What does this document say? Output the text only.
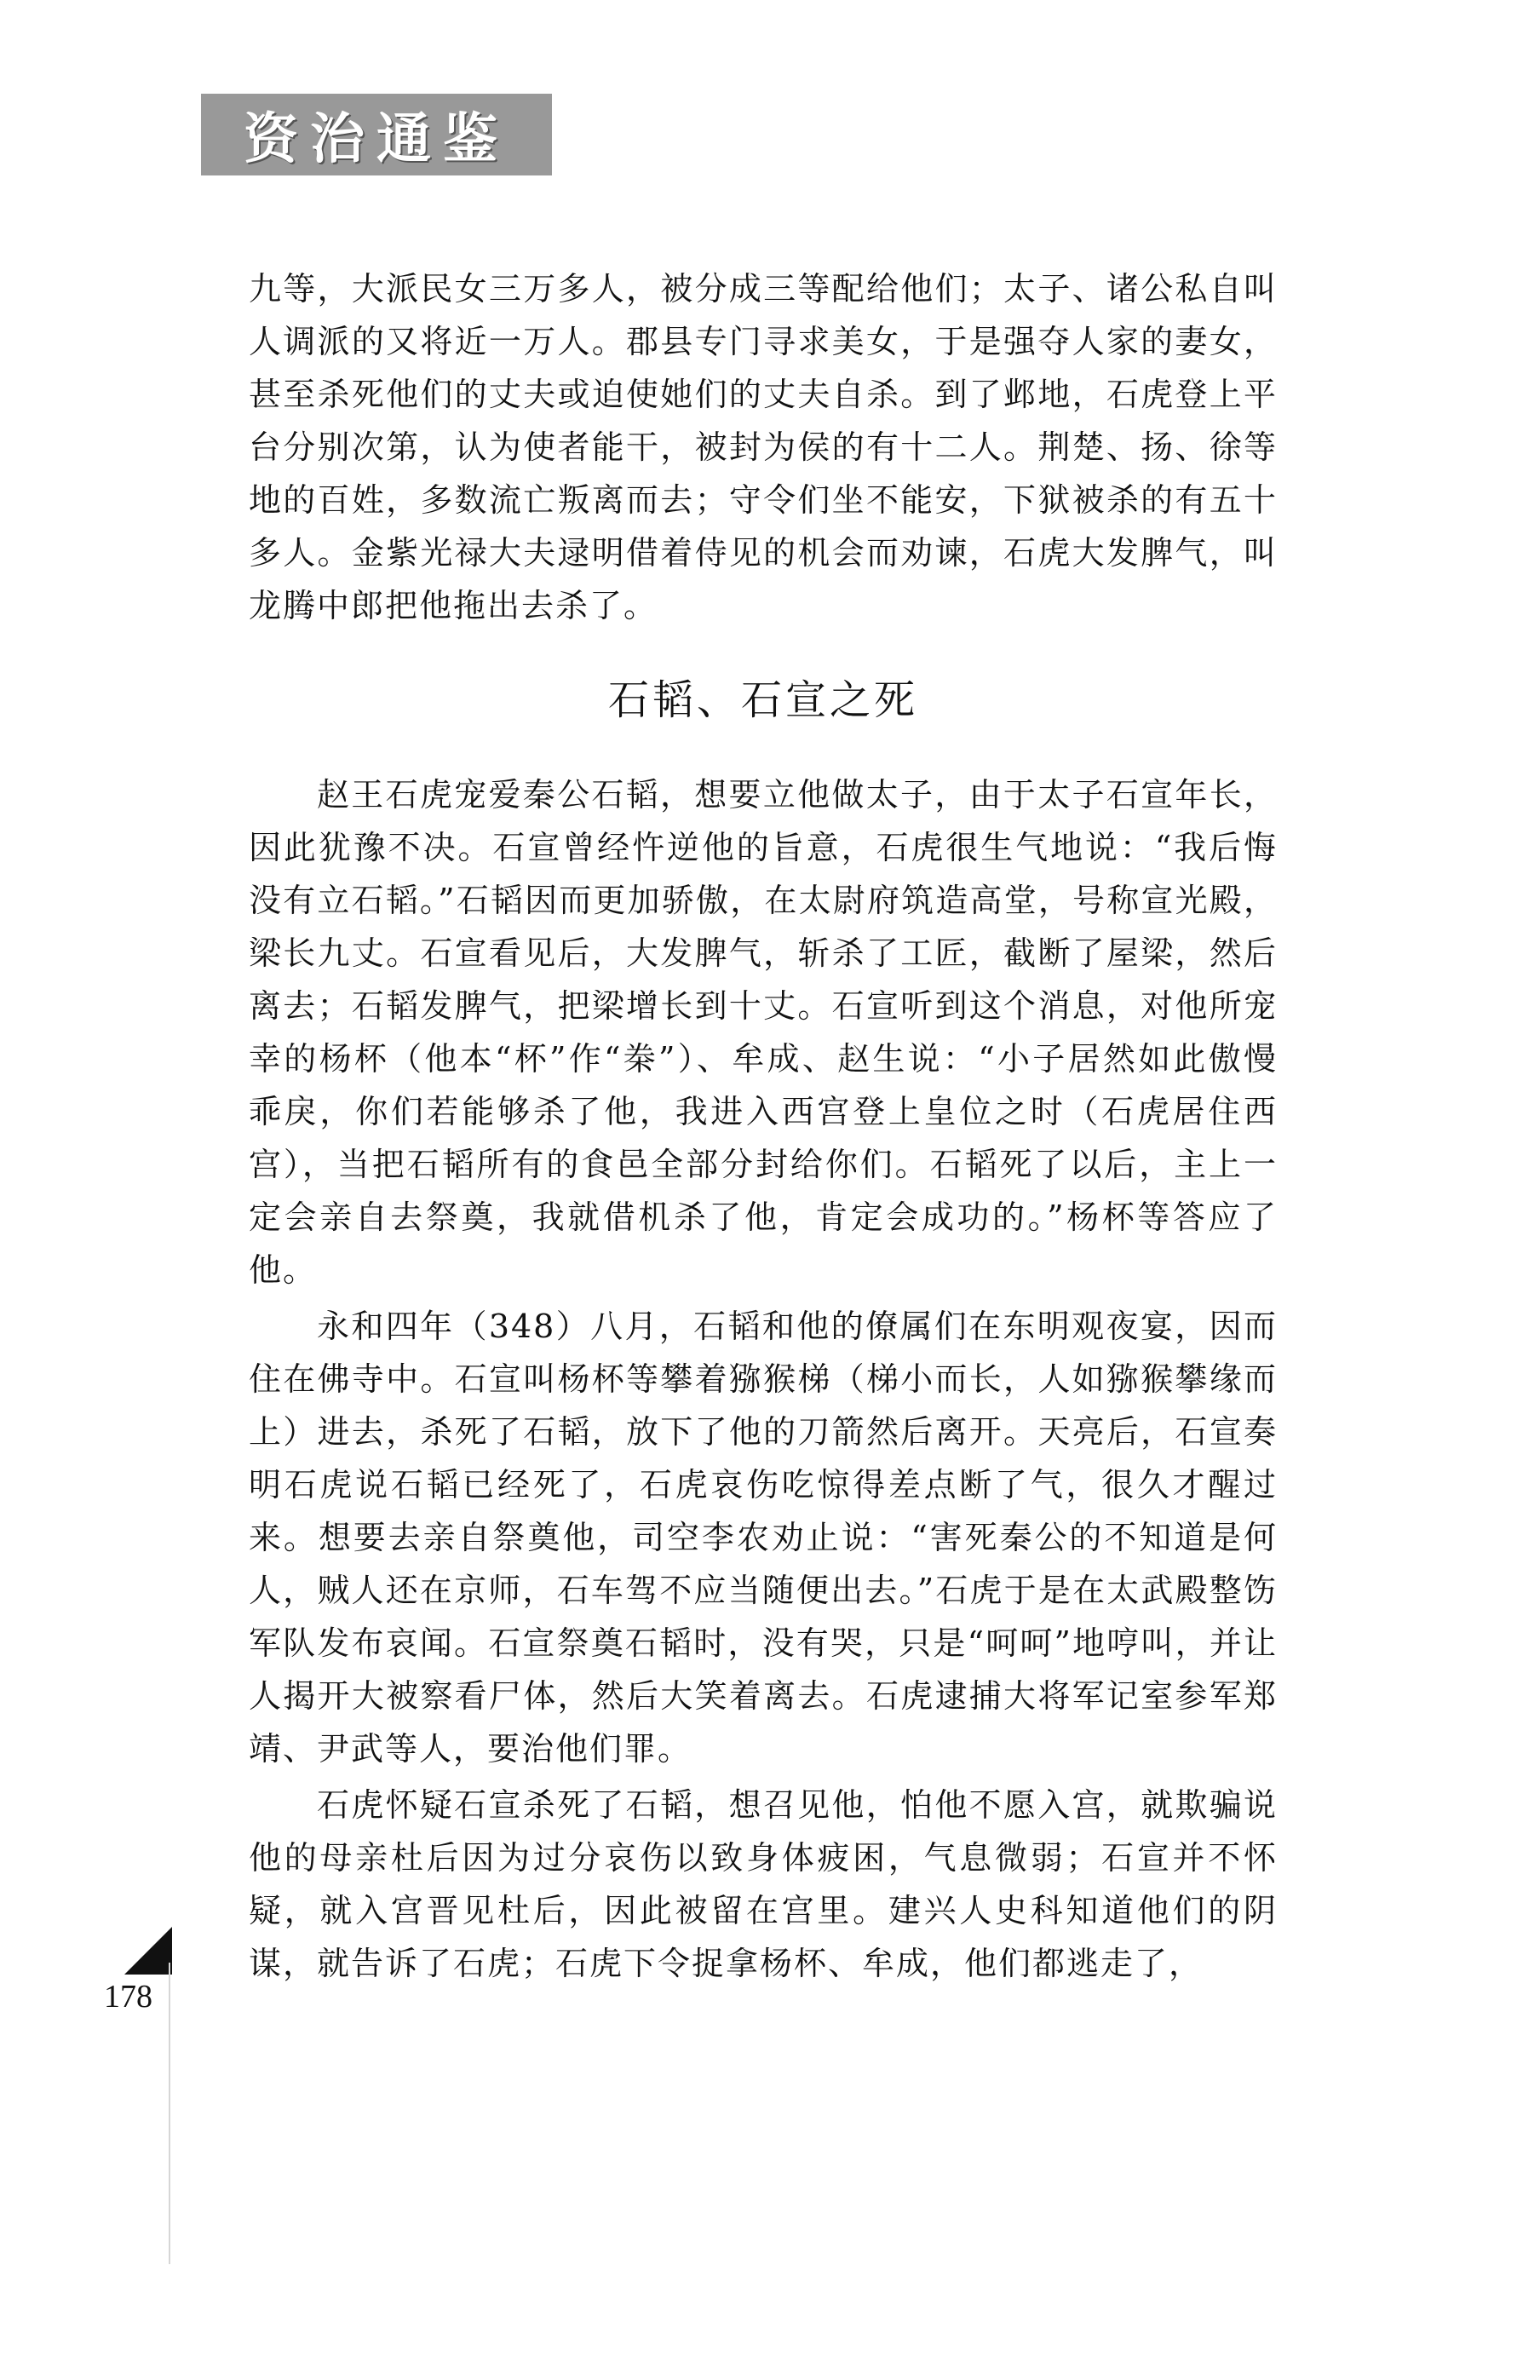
资治通鉴

九等，大派民女三万多人，被分成三等配给他们；太子、诸公私自叫人调派的又将近一万人。郡县专门寻求美女，于是强夺人家的妻女，甚至杀死他们的丈夫或迫使她们的丈夫自杀。到了邺地，石虎登上平台分别次第，认为使者能干，被封为侯的有十二人。荆楚、扬、徐等地的百姓，多数流亡叛离而去；守令们坐不能安，下狱被杀的有五十多人。金紫光禄大夫逯明借着侍见的机会而劝谏，石虎大发脾气，叫龙腾中郎把他拖出去杀了。

石韬、石宣之死

赵王石虎宠爱秦公石韬，想要立他做太子，由于太子石宣年长，因此犹豫不决。石宣曾经忤逆他的旨意，石虎很生气地说：“我后悔没有立石韬。”石韬因而更加骄傲，在太尉府筑造高堂，号称宣光殿，梁长九丈。石宣看见后，大发脾气，斩杀了工匠，截断了屋梁，然后离去；石韬发脾气，把梁增长到十丈。石宣听到这个消息，对他所宠幸的杨杯（他本“杯”作“桊”）、牟成、赵生说：“小子居然如此傲慢乖戾，你们若能够杀了他，我进入西宫登上皇位之时（石虎居住西宫），当把石韬所有的食邑全部分封给你们。石韬死了以后，主上一定会亲自去祭奠，我就借机杀了他，肯定会成功的。”杨杯等答应了他。

永和四年（348）八月，石韬和他的僚属们在东明观夜宴，因而住在佛寺中。石宣叫杨杯等攀着猕猴梯（梯小而长，人如猕猴攀缘而上）进去，杀死了石韬，放下了他的刀箭然后离开。天亮后，石宣奏明石虎说石韬已经死了，石虎哀伤吃惊得差点断了气，很久才醒过来。想要去亲自祭奠他，司空李农劝止说：“害死秦公的不知道是何人，贼人还在京师，石车驾不应当随便出去。”石虎于是在太武殿整饬军队发布哀闻。石宣祭奠石韬时，没有哭，只是“呵呵”地哼叫，并让人揭开大被察看尸体，然后大笑着离去。石虎逮捕大将军记室参军郑靖、尹武等人，要治他们罪。

石虎怀疑石宣杀死了石韬，想召见他，怕他不愿入宫，就欺骗说他的母亲杜后因为过分哀伤以致身体疲困，气息微弱；石宣并不怀疑，就入宫晋见杜后，因此被留在宫里。建兴人史科知道他们的阴谋，就告诉了石虎；石虎下令捉拿杨杯、牟成，他们都逃走了，

178
